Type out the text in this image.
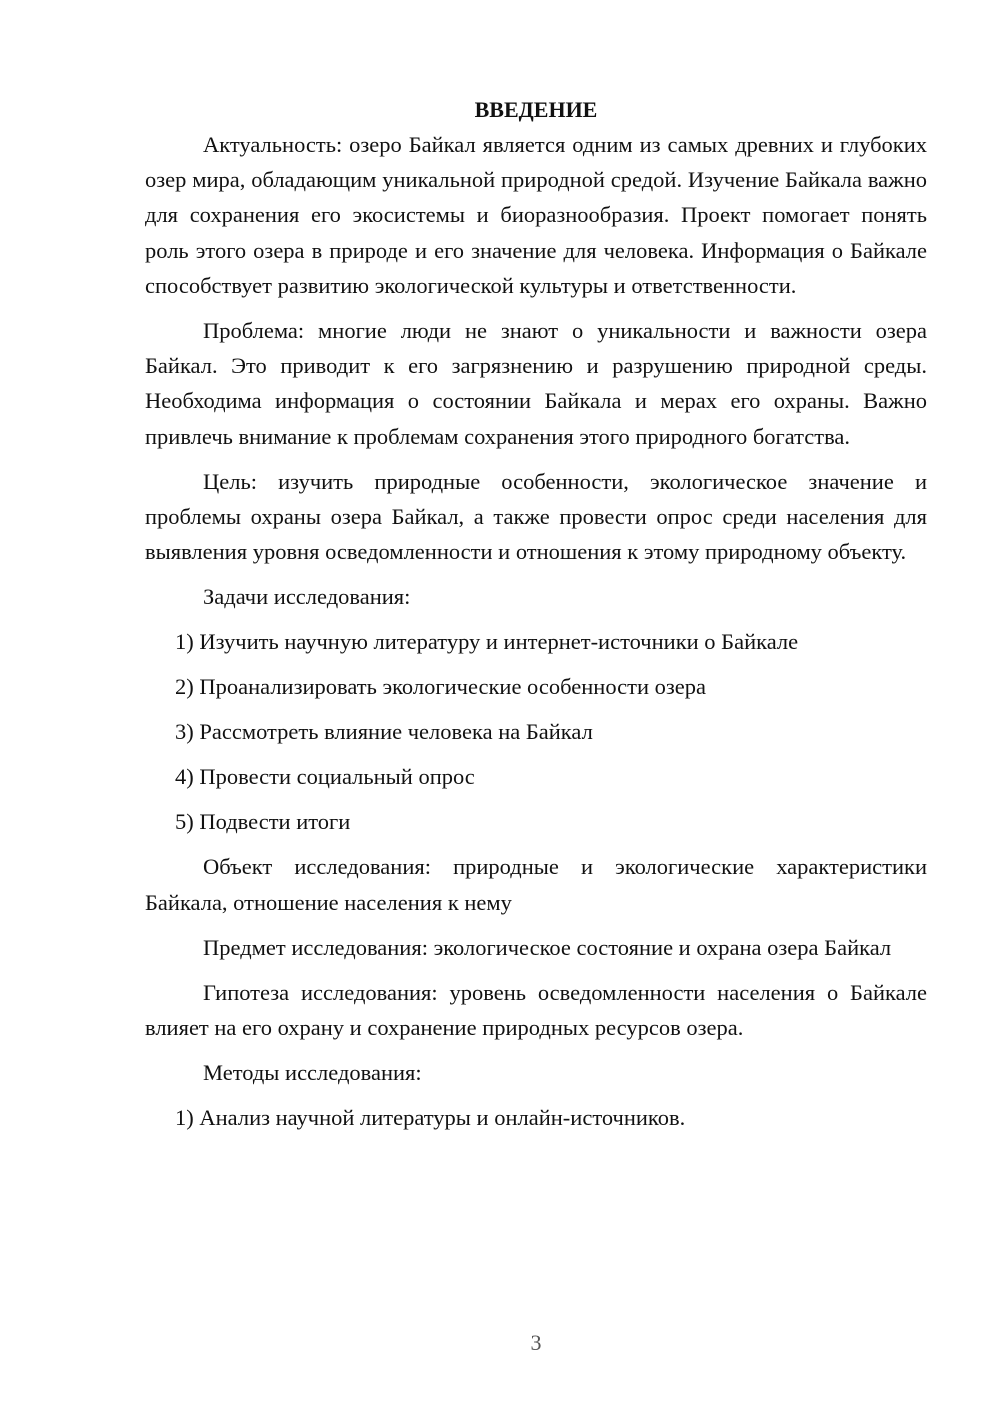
ВВЕДЕНИЕ

Актуальность: озеро Байкал является одним из самых древних и глубоких озер мира, обладающим уникальной природной средой. Изучение Байкала важно для сохранения его экосистемы и биоразнообразия. Проект помогает понять роль этого озера в природе и его значение для человека. Информация о Байкале способствует развитию экологической культуры и ответственности.

Проблема: многие люди не знают о уникальности и важности озера Байкал. Это приводит к его загрязнению и разрушению природной среды. Необходима информация о состоянии Байкала и мерах его охраны. Важно привлечь внимание к проблемам сохранения этого природного богатства.

Цель: изучить природные особенности, экологическое значение и проблемы охраны озера Байкал, а также провести опрос среди населения для выявления уровня осведомленности и отношения к этому природному объекту.

Задачи исследования:

1) Изучить научную литературу и интернет-источники о Байкале

2) Проанализировать экологические особенности озера

3) Рассмотреть влияние человека на Байкал

4) Провести социальный опрос

5) Подвести итоги

Объект исследования: природные и экологические характеристики Байкала, отношение населения к нему

Предмет исследования: экологическое состояние и охрана озера Байкал

Гипотеза исследования: уровень осведомленности населения о Байкале влияет на его охрану и сохранение природных ресурсов озера.

Методы исследования:

1) Анализ научной литературы и онлайн-источников.

3
